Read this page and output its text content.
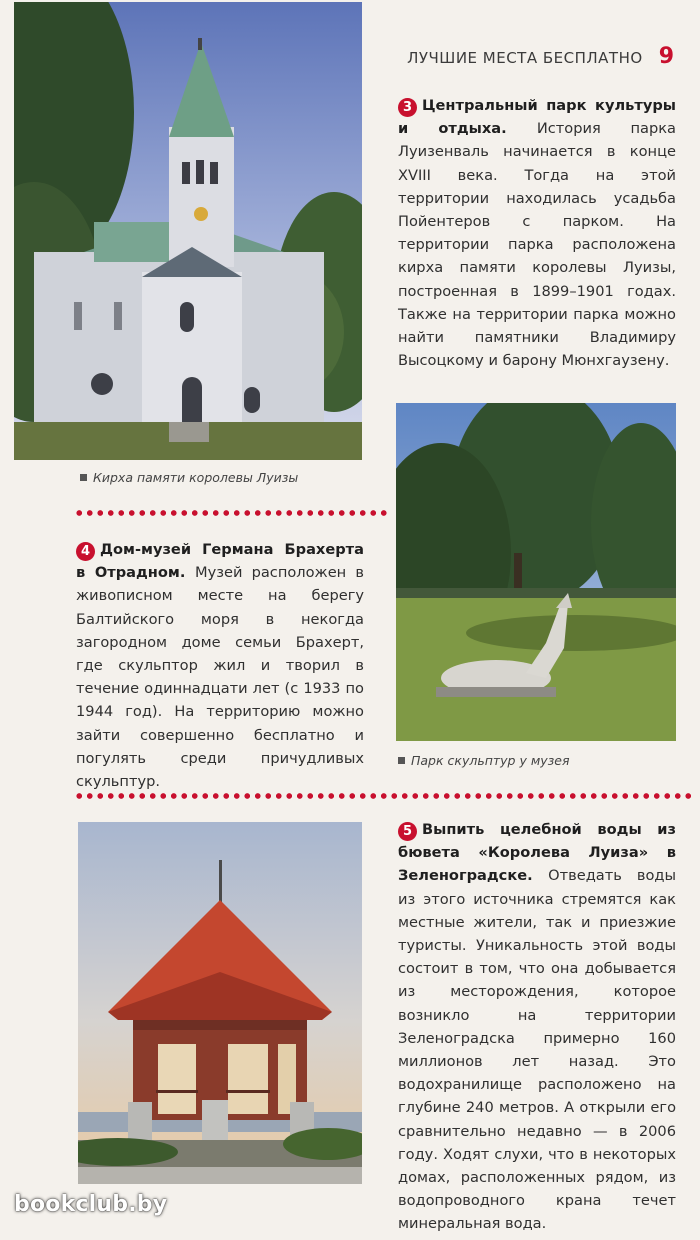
ЛУЧШИЕ МЕСТА БЕСПЛАТНО 9
Кирха памяти королевы Луизы
3 Центральный парк культуры и отдыха. История парка Луизенваль начинается в конце XVIII века. Тогда на этой территории находилась усадьба Пойентеров с парком. На территории парка расположена кирха памяти королевы Луизы, построенная в 1899–1901 годах. Также на территории парка можно найти памятники Владимиру Высоцкому и барону Мюнхгаузену.
Парк скульптур у музея
4 Дом-музей Германа Брахерта в Отрадном. Музей расположен в живописном месте на берегу Балтийского моря в некогда загородном доме семьи Брахерт, где скульптор жил и творил в течение одиннадцати лет (с 1933 по 1944 год). На территорию можно зайти совершенно бесплатно и погулять среди причудливых скульптур.
5 Выпить целебной воды из бювета «Королева Луиза» в Зеленоградске. Отведать воды из этого источника стремятся как местные жители, так и приезжие туристы. Уникальность этой воды состоит в том, что она добывается из месторождения, которое возникло на территории Зеленоградска примерно 160 миллионов лет назад. Это водохранилище расположено на глубине 240 метров. А открыли его сравнительно недавно — в 2006 году. Ходят слухи, что в некоторых домах, расположенных рядом, из водопроводного крана течет минеральная вода.
bookclub.by
